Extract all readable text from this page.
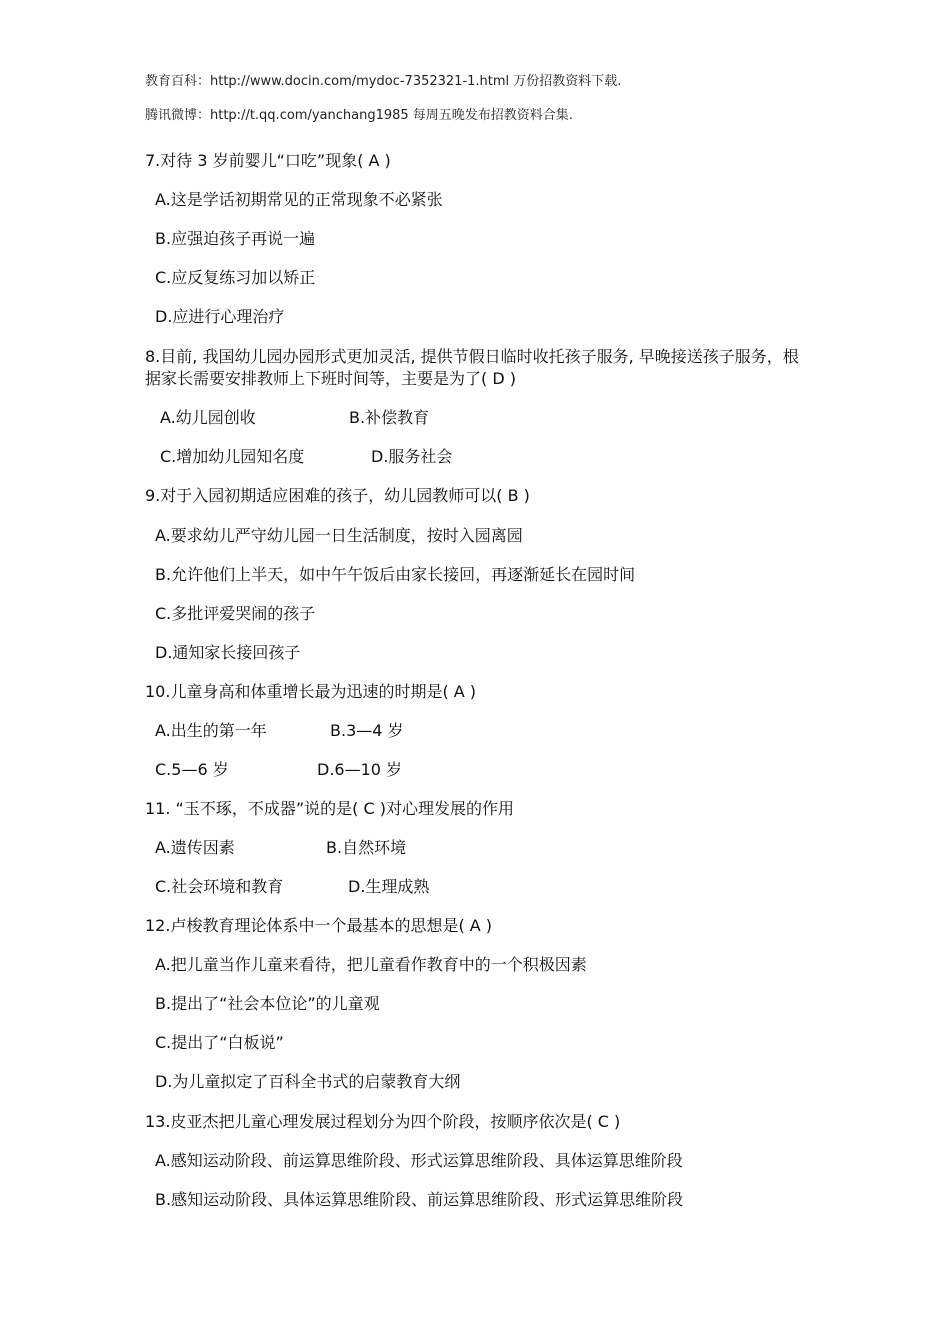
教育百科：http://www.docin.com/mydoc-7352321-1.html 万份招教资料下载.
腾讯微博：http://t.qq.com/yanchang1985 每周五晚发布招教资料合集.
7.对待 3 岁前婴儿“口吃”现象( A )
A.这是学话初期常见的正常现象不必紧张
B.应强迫孩子再说一遍
C.应反复练习加以矫正
D.应进行心理治疗
8.目前, 我国幼儿园办园形式更加灵活, 提供节假日临时收托孩子服务, 早晚接送孩子服务，根据家长需要安排教师上下班时间等，主要是为了( D )
A.幼儿园创收	B.补偿教育
C.增加幼儿园知名度	D.服务社会
9.对于入园初期适应困难的孩子，幼儿园教师可以( B )
A.要求幼儿严守幼儿园一日生活制度，按时入园离园
B.允许他们上半天，如中午午饭后由家长接回，再逐渐延长在园时间
C.多批评爱哭闹的孩子
D.通知家长接回孩子
10.儿童身高和体重增长最为迅速的时期是( A )
A.出生的第一年	B.3—4 岁
C.5—6 岁	D.6—10 岁
11. “玉不琢，不成器”说的是( C )对心理发展的作用
A.遗传因素	B.自然环境
C.社会环境和教育	D.生理成熟
12.卢梭教育理论体系中一个最基本的思想是( A )
A.把儿童当作儿童来看待，把儿童看作教育中的一个积极因素
B.提出了“社会本位论”的儿童观
C.提出了“白板说”
D.为儿童拟定了百科全书式的启蒙教育大纲
13.皮亚杰把儿童心理发展过程划分为四个阶段，按顺序依次是( C )
A.感知运动阶段、前运算思维阶段、形式运算思维阶段、具体运算思维阶段
B.感知运动阶段、具体运算思维阶段、前运算思维阶段、形式运算思维阶段
